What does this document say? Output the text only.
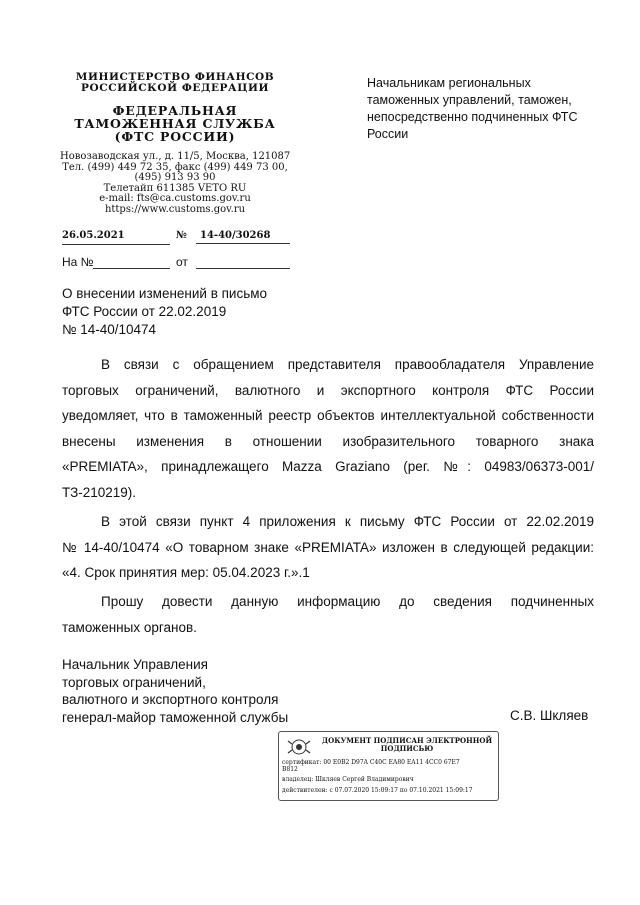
МИНИСТЕРСТВО ФИНАНСОВ
РОССИЙСКОЙ ФЕДЕРАЦИИ
ФЕДЕРАЛЬНАЯ
ТАМОЖЕННАЯ СЛУЖБА
(ФТС РОССИИ)
Новозаводская ул., д. 11/5, Москва, 121087
Тел. (499) 449 72 35, факс (499) 449 73 00,
(495) 913 93 90
Телетайп 611385 VETO RU
e-mail: fts@ca.customs.gov.ru
https://www.customs.gov.ru
Начальникам региональных таможенных управлений, таможен, непосредственно подчиненных ФТС России
26.05.2021	№	14-40/30268
На №	от
О внесении изменений в письмо
ФТС России от 22.02.2019
№ 14-40/10474
В связи с обращением представителя правообладателя Управление
торговых ограничений, валютного и экспортного контроля ФТС России
уведомляет, что в таможенный реестр объектов интеллектуальной собственности
внесены изменения в отношении изобразительного товарного знака
«PREMIATA», принадлежащего Mazza Graziano (рег. №: 04983/06373-001/
ТЗ-210219).
В этой связи пункт 4 приложения к письму ФТС России от 22.02.2019
№ 14-40/10474 «О товарном знаке «PREMIATA» изложен в следующей редакции:
«4. Срок принятия мер: 05.04.2023 г.».1
Прошу довести данную информацию до сведения подчиненных
таможенных органов.
Начальник Управления
торговых ограничений,
валютного и экспортного контроля
генерал-майор таможенной службы	С.В. Шкляев
ДОКУМЕНТ ПОДПИСАН ЭЛЕКТРОННОЙ
ПОДПИСЬЮ
сертификат: 00 E0B2 D97A C40C EA80 EA11 4CC0 67E7
B812
владелец: Шкляев Сергей Владимирович
действителен: с 07.07.2020 15:09:17 по 07.10.2021 15:09:17
